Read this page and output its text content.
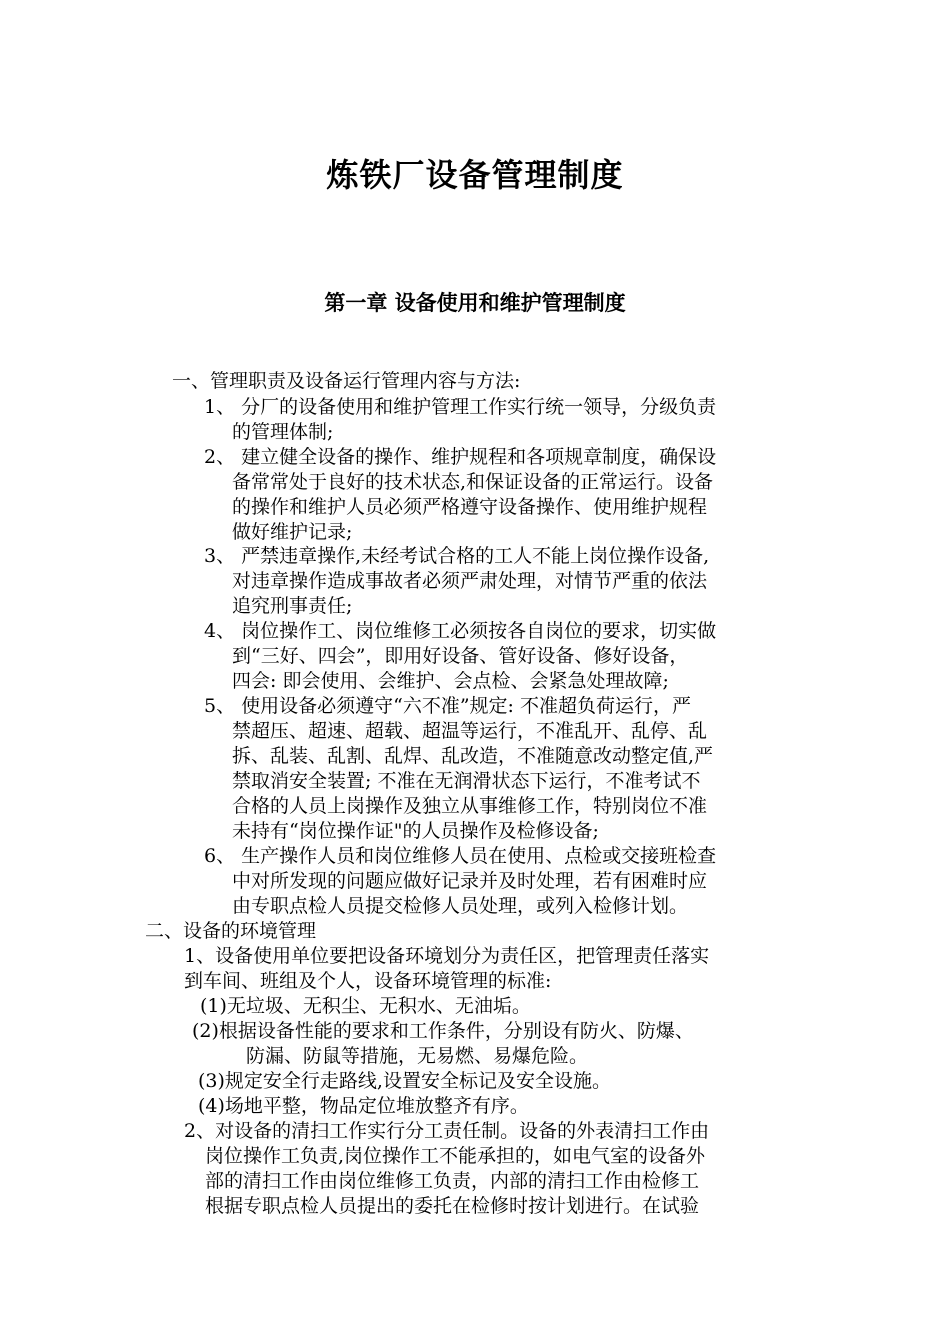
炼铁厂设备管理制度
第一章 设备使用和维护管理制度
一、管理职责及设备运行管理内容与方法:
1、 分厂的设备使用和维护管理工作实行统一领导，分级负责
的管理体制;
2、 建立健全设备的操作、维护规程和各项规章制度，确保设
备常常处于良好的技术状态,和保证设备的正常运行。设备
的操作和维护人员必须严格遵守设备操作、使用维护规程
做好维护记录;
3、 严禁违章操作,未经考试合格的工人不能上岗位操作设备,
对违章操作造成事故者必须严肃处理，对情节严重的依法
追究刑事责任;
4、 岗位操作工、岗位维修工必须按各自岗位的要求，切实做
到“三好、四会”，即用好设备、管好设备、修好设备，
四会: 即会使用、会维护、会点检、会紧急处理故障;
5、 使用设备必须遵守“六不准”规定: 不准超负荷运行，严
禁超压、超速、超载、超温等运行，不准乱开、乱停、乱
拆、乱装、乱割、乱焊、乱改造，不准随意改动整定值,严
禁取消安全装置; 不准在无润滑状态下运行，不准考试不
合格的人员上岗操作及独立从事维修工作，特别岗位不准
未持有“岗位操作证"的人员操作及检修设备;
6、 生产操作人员和岗位维修人员在使用、点检或交接班检查
中对所发现的问题应做好记录并及时处理，若有困难时应
由专职点检人员提交检修人员处理，或列入检修计划。
二、设备的环境管理
1、设备使用单位要把设备环境划分为责任区，把管理责任落实
到车间、班组及个人，设备环境管理的标准:
(1)无垃圾、无积尘、无积水、无油垢。
(2)根据设备性能的要求和工作条件，分别设有防火、防爆、
防漏、防鼠等措施，无易燃、易爆危险。
(3)规定安全行走路线,设置安全标记及安全设施。
(4)场地平整，物品定位堆放整齐有序。
2、对设备的清扫工作实行分工责任制。设备的外表清扫工作由
岗位操作工负责,岗位操作工不能承担的，如电气室的设备外
部的清扫工作由岗位维修工负责，内部的清扫工作由检修工
根据专职点检人员提出的委托在检修时按计划进行。在试验
